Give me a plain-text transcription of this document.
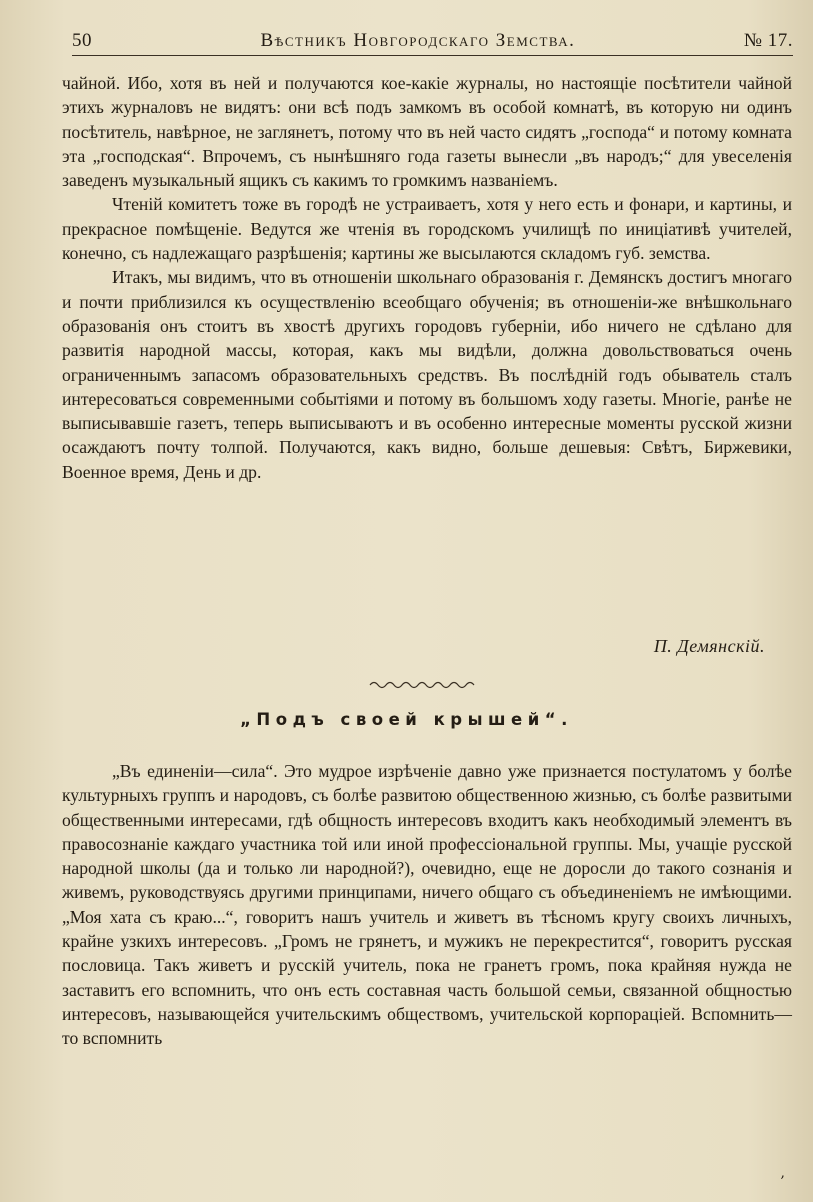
50	Вѣстникъ Новгородскаго Земства.	№ 17.

чайной. Ибо, хотя въ ней и получаются кое-какіе журналы, но настоящіе посѣтители чайной этихъ журналовъ не видятъ: они всѣ подъ замкомъ въ особой комнатѣ, въ которую ни одинъ посѣтитель, навѣрное, не заглянетъ, потому что въ ней часто сидятъ „господа“ и потому комната эта „господская“. Впрочемъ, съ нынѣшняго года газеты вынесли „въ народъ;“ для увеселенія заведенъ музыкальный ящикъ съ какимъ то громкимъ названіемъ.

Чтеній комитетъ тоже въ городѣ не устраиваетъ, хотя у него есть и фонари, и картины, и прекрасное помѣщеніе. Ведутся же чтенія въ городскомъ училищѣ по иниціативѣ учителей, конечно, съ надлежащаго разрѣшенія; картины же высылаются складомъ губ. земства.

Итакъ, мы видимъ, что въ отношеніи школьнаго образованія г. Демянскъ достигъ многаго и почти приблизился къ осуществленію всеобщаго обученія; въ отношеніи-же внѣшкольнаго образованія онъ стоитъ въ хвостѣ другихъ городовъ губерніи, ибо ничего не сдѣлано для развитія народной массы, которая, какъ мы видѣли, должна довольствоваться очень ограниченнымъ запасомъ образовательныхъ средствъ. Въ послѣдній годъ обыватель сталъ интересоваться современными событіями и потому въ большомъ ходу газеты. Многіе, ранѣе не выписывавшіе газетъ, теперь выписываютъ и въ особенно интересные моменты русской жизни осаждаютъ почту толпой. Получаются, какъ видно, больше дешевыя: Свѣтъ, Биржевики, Военное время, День и др.

П. Демянскій.
„Подъ своей крышей“.

„Въ единеніи—сила“. Это мудрое изрѣченіе давно уже признается постулатомъ у болѣе культурныхъ группъ и народовъ, съ болѣе развитою общественною жизнью, съ болѣе развитыми общественными интересами, гдѣ общность интересовъ входитъ какъ необходимый элементъ въ правосознаніе каждаго участника той или иной профессіональной группы. Мы, учащіе русской народной школы (да и только ли народной?), очевидно, еще не доросли до такого сознанія и живемъ, руководствуясь другими принципами, ничего общаго съ объединеніемъ не имѣющими. „Моя хата съ краю...“, говоритъ нашъ учитель и живетъ въ тѣсномъ кругу своихъ личныхъ, крайне узкихъ интересовъ. „Громъ не грянетъ, и мужикъ не перекрестится“, говоритъ русская пословица. Такъ живетъ и русскій учитель, пока не гранетъ громъ, пока крайняя нужда не заставитъ его вспомнить, что онъ есть составная часть большой семьи, связанной общностью интересовъ, называющейся учительскимъ обществомъ, учительской корпораціей. Вспомнить—то вспомнить

,
